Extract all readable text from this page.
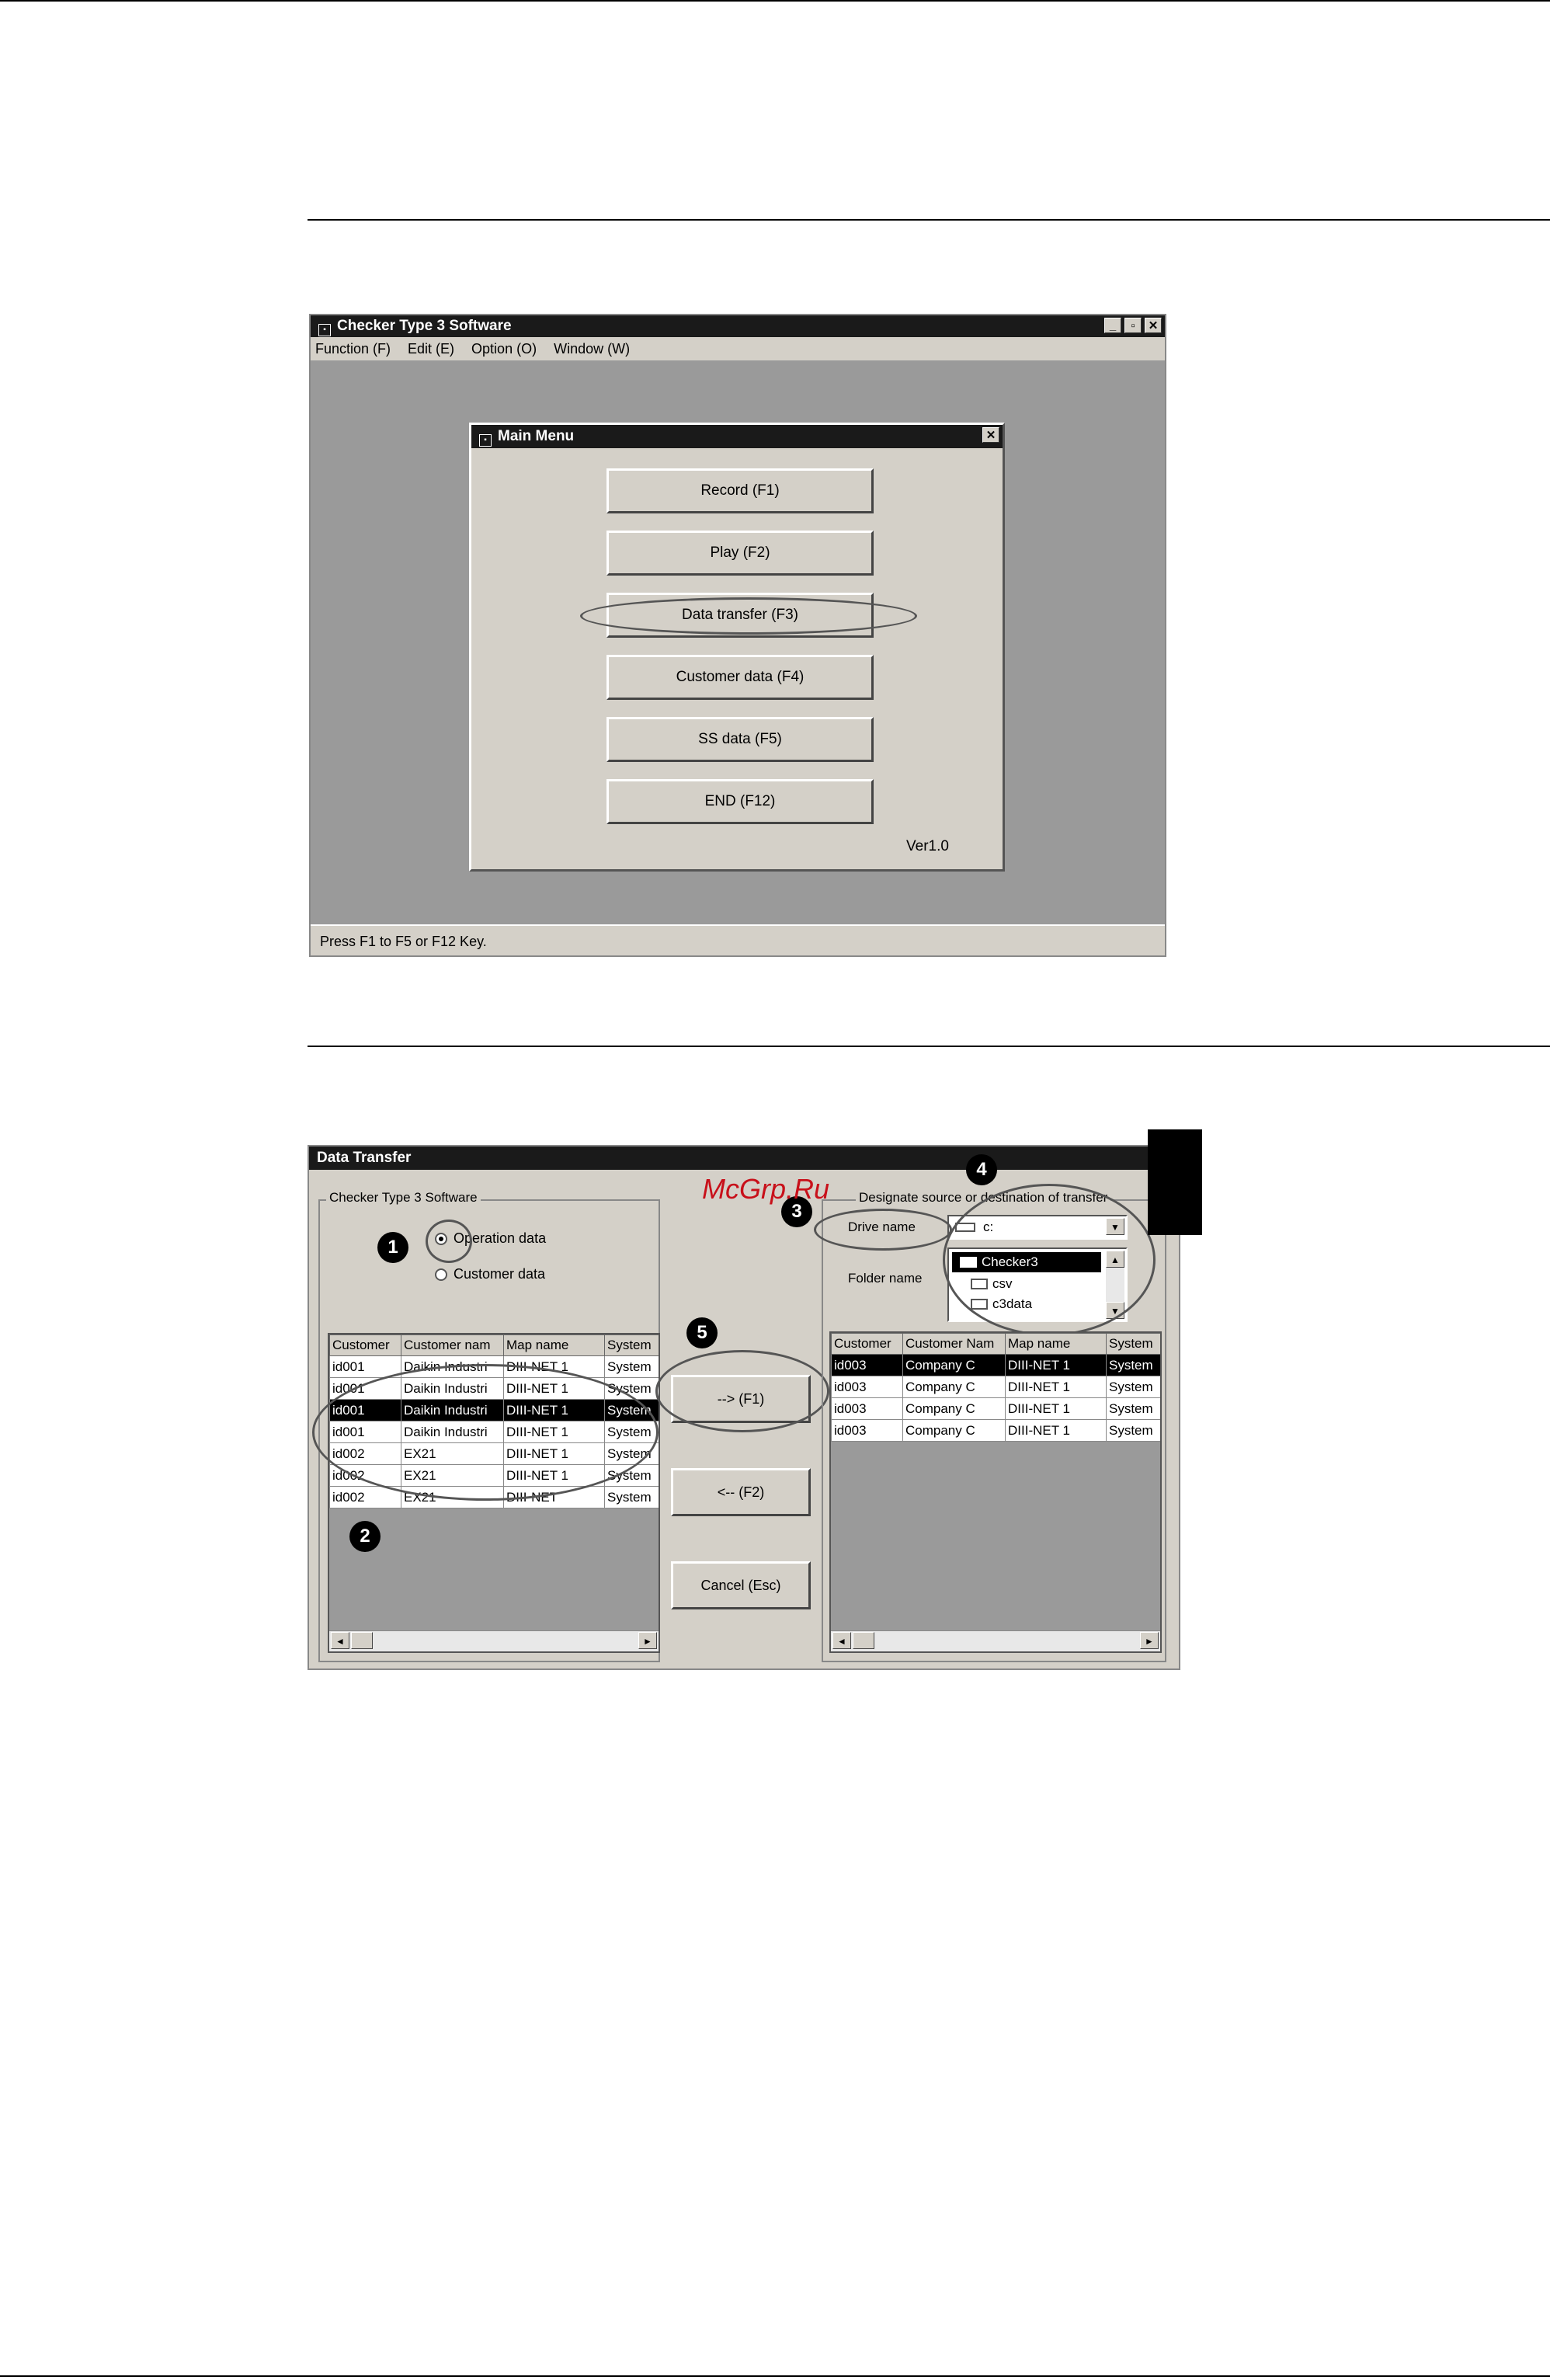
▪ Checker Type 3 Software	_	▫	✕
Function (F) Edit (E) Option (O) Window (W)
Press F1 to F5 or F12 Key.
▪ Main Menu	✕
Record (F1)
Play (F2)
Data transfer (F3)
Customer data (F4)
SS data (F5)
END (F12)
Ver1.0
Data Transfer
Checker Type 3 Software
Operation data
Customer data
1
Customer	Customer nam	Map name	System
id001	Daikin Industri	DIII-NET 1	System
id001	Daikin Industri	DIII-NET 1	System
id001	Daikin Industri	DIII-NET 1	System
id001	Daikin Industri	DIII-NET 1	System
id002	EX21	DIII-NET 1	System
id002	EX21	DIII-NET 1	System
id002	EX21	DIII-NET	System
◄	►
2
--> (F1)
<-- (F2)
Cancel (Esc)
5
Designate source or destination of transfer
Drive name	c:	▼
Folder name
Checker3
csv
c3data
▲
▼
3
4
Customer	Customer Nam	Map name	System
id003	Company C	DIII-NET 1	System
id003	Company C	DIII-NET 1	System
id003	Company C	DIII-NET 1	System
id003	Company C	DIII-NET 1	System
◄	►
McGrp.Ru
